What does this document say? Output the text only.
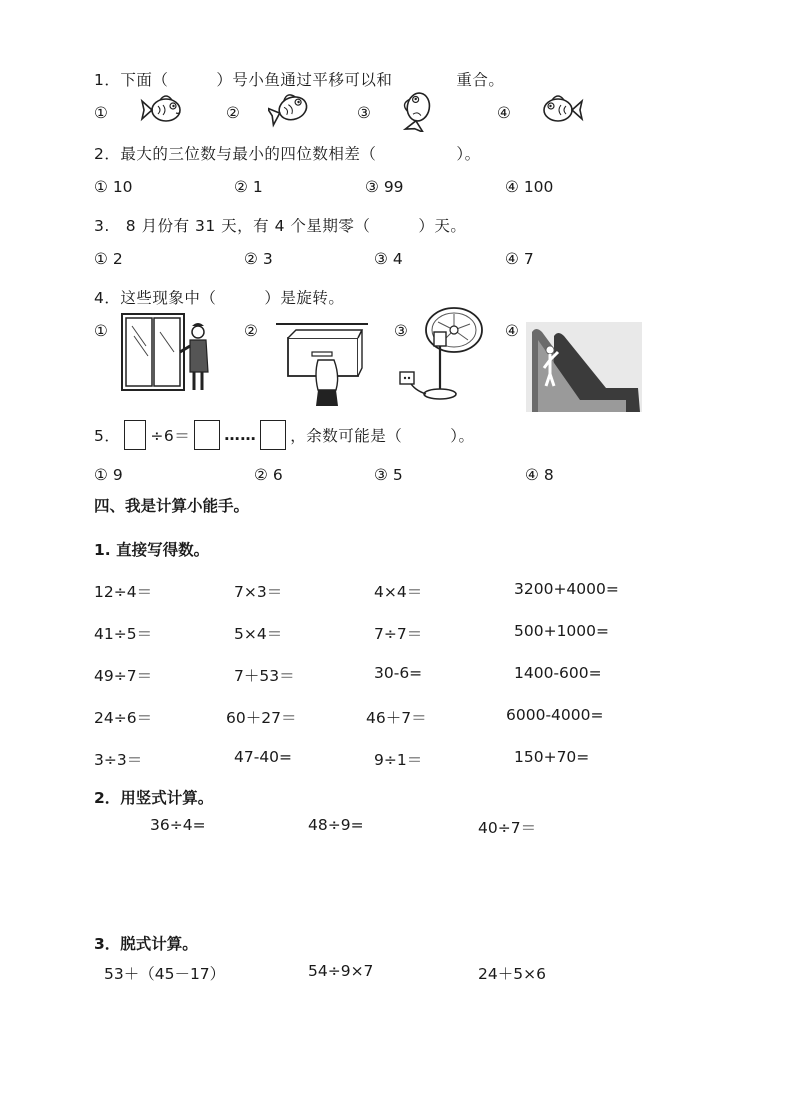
1．下面（　　　）号小鱼通过平移可以和　　　　重合。
①	②	③	④
2．最大的三位数与最小的四位数相差（　　　　　）。
① 10	② 1	③ 99	④ 100
3.　8 月份有 31 天，有 4 个星期零（　　　）天。
① 2	② 3	③ 4	④ 7
4．这些现象中（　　　）是旋转。
①	②	③	④
5． ÷6＝ …… ，余数可能是（　　　）。
① 9	② 6	③ 5	④ 8
四、我是计算小能手。
1. 直接写得数。
12÷4＝	7×3＝	4×4＝	3200+4000=
41÷5＝	5×4＝	7÷7＝	500+1000=
49÷7＝	7＋53＝	30-6=	1400-600=
24÷6＝	60＋27＝	46＋7＝	6000-4000=
3÷3＝	47-40=	9÷1＝	150+70=
2．用竖式计算。
36÷4=	48÷9=	40÷7＝
3．脱式计算。
53＋（45－17）	54÷9×7	24＋5×6
